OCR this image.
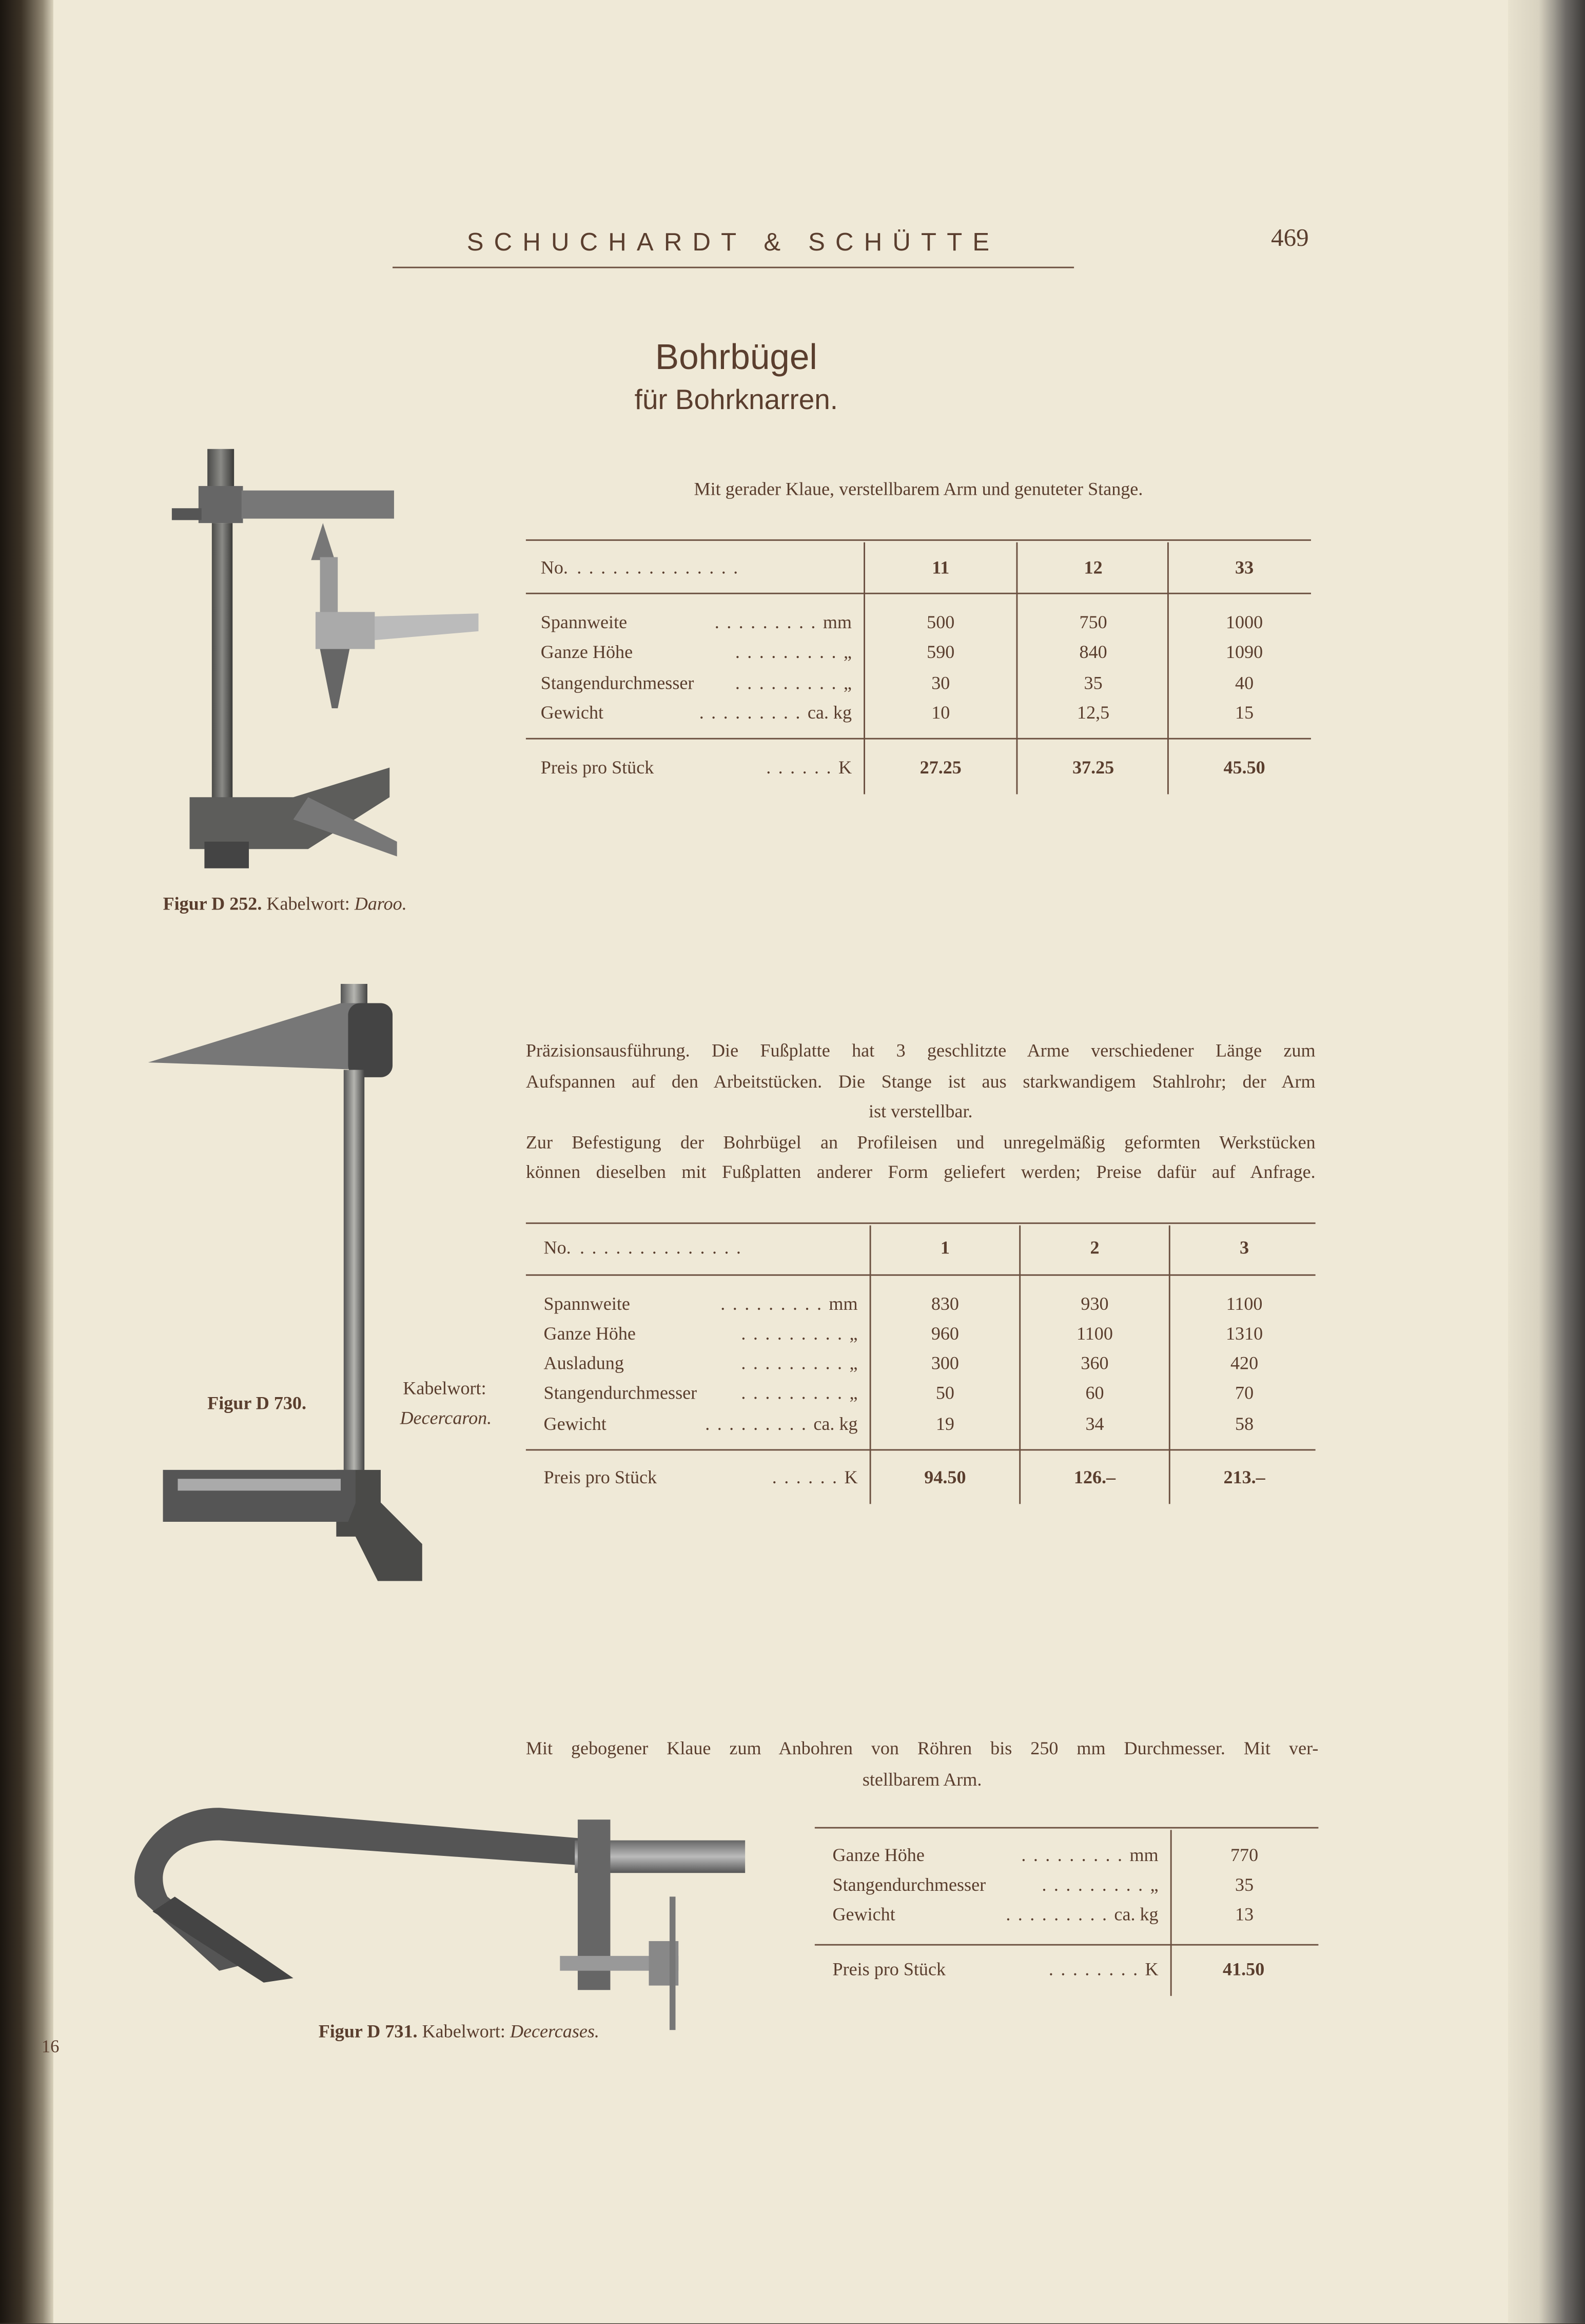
16
SCHUCHARDT & SCHÜTTE	469
Bohrbügel
für Bohrknarren.
Figur D 252. Kabelwort: Daroo.
Mit gerader Klaue, verstellbarem Arm und genuteter Stange.
No.	..............	11	12	33
Spannweite	......... mm	500	750	1000
Ganze Höhe	......... „	590	840	1090
Stangendurchmesser	......... „	30	35	40
Gewicht	......... ca. kg	10	12,5	15
Preis pro Stück	...... K	27.25	37.25	45.50
Figur D 730.
Kabelwort:
Decercaron.
Präzisionsausführung. Die Fußplatte hat 3 geschlitzte Arme verschiedener Länge zum
Aufspannen auf den Arbeitstücken. Die Stange ist aus starkwandigem Stahlrohr; der Arm
ist verstellbar.
Zur Befestigung der Bohrbügel an Profileisen und unregelmäßig geformten Werkstücken
können dieselben mit Fußplatten anderer Form geliefert werden; Preise dafür auf Anfrage.
No.	..............	1	2	3
Spannweite	......... mm	830	930	1100
Ganze Höhe	......... „	960	1100	1310
Ausladung	......... „	300	360	420
Stangendurchmesser	......... „	50	60	70
Gewicht	......... ca. kg	19	34	58
Preis pro Stück	...... K	94.50	126.–	213.–
Mit gebogener Klaue zum Anbohren von Röhren bis 250 mm Durchmesser. Mit ver-
stellbarem Arm.
Figur D 731. Kabelwort: Decercases.
Ganze Höhe	......... mm	770
Stangendurchmesser	......... „	35
Gewicht	......... ca. kg	13
Preis pro Stück	........ K	41.50
